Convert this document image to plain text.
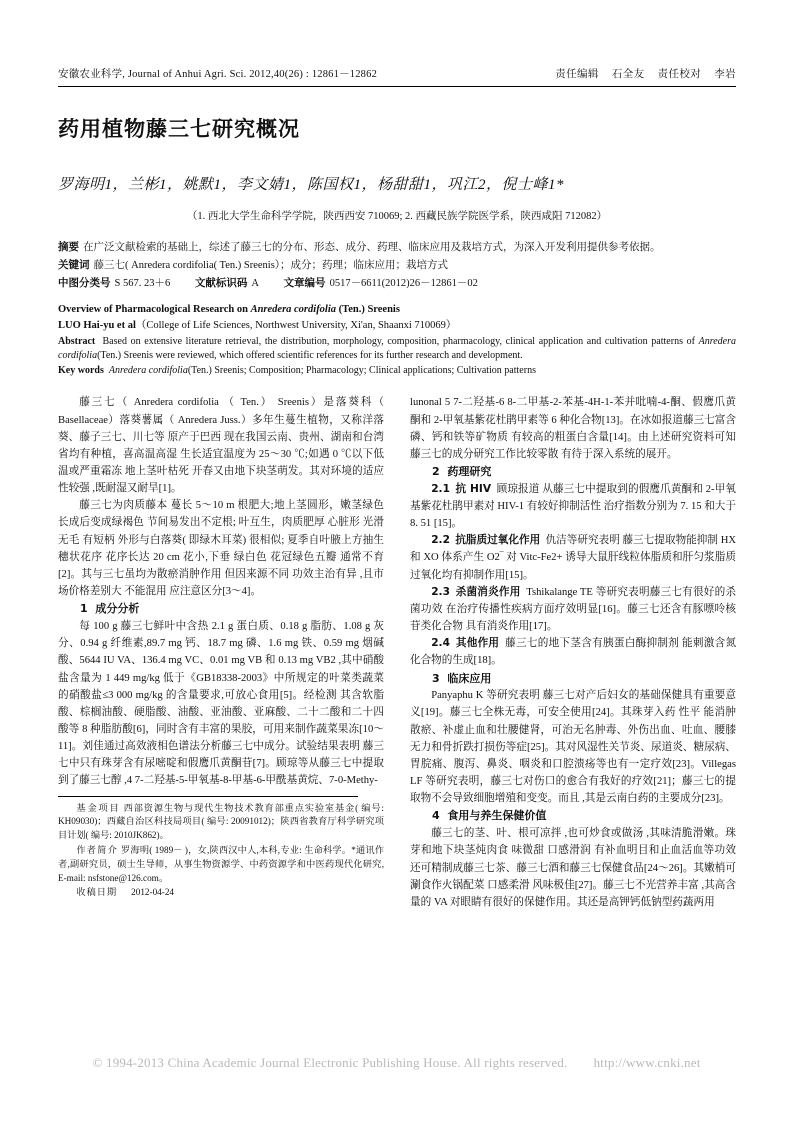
安徽农业科学, Journal of Anhui Agri. Sci. 2012,40(26) : 12861－12862	责任编辑 石全友 责任校对 李岩
药用植物藤三七研究概况
罗海明1，兰彬1，姚默1，李文婧1，陈国权1，杨甜甜1，巩江2，倪士峰1*
（1. 西北大学生命科学学院，陕西西安 710069; 2. 西藏民族学院医学系，陕西咸阳 712082）

摘要 在广泛文献检索的基础上，综述了藤三七的分布、形态、成分、药理、临床应用及栽培方式，为深入开发利用提供参考依据。

关键词 藤三七( Anredera cordifolia( Ten.) Sreenis）；成分；药理；临床应用；栽培方式

中图分类号 S 567. 23＋6 文献标识码 A 文章编号 0517－6611(2012)26－12861－02

Overview of Pharmacological Research on Anredera cordifolia (Ten.) Sreenis

LUO Hai-yu et al（College of Life Sciences, Northwest University, Xi'an, Shaanxi 710069）

Abstract Based on extensive literature retrieval, the distribution, morphology, composition, pharmacology, clinical application and cultivation patterns of Anredera cordifolia(Ten.) Sreenis were reviewed, which offered scientific references for its further research and development.

Key words Anredera cordifolia(Ten.) Sreenis; Composition; Pharmacology; Clinical applications; Cultivation patterns

藤三七（ Anredera cordifolia （ Ten.） Sreenis）是落葵科（ Basellaceae）落葵薯属（ Anredera Juss.）多年生蔓生植物，又称洋落葵、藤子三七、川七等 原产于巴西 现在我国云南、贵州、湖南和台湾省均有种植，喜高温高湿 生长适宜温度为 25～30 ℃;如遇 0 ℃以下低温或严重霜冻 地上茎叶枯死 开春又由地下块茎萌发。其对环境的适应性较强 ,既耐湿又耐旱[1]。

藤三七为肉质藤本 蔓长 5～10 m 根肥大;地上茎圆形，嫩茎绿色 长成后变成绿褐色 节间易发出不定根; 叶互生，肉质肥厚 心脏形 光滑无毛 有短柄 外形与白落葵( 即绿木耳菜) 很相似; 夏季自叶腋上方抽生穗状花序 花序长达 20 cm 花小,下垂 绿白色 花冠绿色五瓣 通常不育[2]。其与三七虽均为散瘀消肿作用 但因来源不同 功效主治有异 ,且市场价格差别大 不能混用 应注意区分[3～4]。

1 成分分析

每 100 g 藤三七鲜叶中含热 2.1 g 蛋白质、0.18 g 脂肪、1.08 g 灰分、0.94 g 纤维素,89.7 mg 钙、18.7 mg 磷、1.6 mg 铁、0.59 mg 烟碱酸、5644 IU VA、136.4 mg VC、0.01 mg VB 和 0.13 mg VB2 ,其中硝酸盐含量为 1 449 mg/kg 低于《GB18338-2003》中所规定的叶菜类蔬菜的硝酸盐≤3 000 mg/kg 的含量要求,可放心食用[5]。经检测 其含软脂酸、棕榈油酸、硬脂酸、油酸、亚油酸、亚麻酸、二十二酸和二十四酸等 8 种脂肪酸[6]，同时含有丰富的果胶，可用来制作蔬菜果冻[10～11]。刘佳通过高效液相色谱法分析藤三七中成分。试验结果表明 藤三七中只有珠芽含有尿嘧啶和假鹰爪黄酮苷[7]。顾琼等从藤三七中提取到了藤三七醇 ,4 7-二羟基-5-甲氧基-8-甲基-6-甲酰基黄烷、7-0-Methy-

基金项目 西部资源生物与现代生物技术教育部重点实验室基金( 编号: KH09030)；西藏自治区科技局项目( 编号: 20091012)；陕西省教育厅科学研究项目计划( 编号: 2010JK862)。

作者简介 罗海明( 1989－ )，女,陕西汉中人,本科,专业: 生命科学。*通讯作者,副研究员，硕士生导师，从事生物资源学、中药资源学和中医药现代化研究, E-mail: nsfstone@126.com。

收稿日期 2012-04-24

lunonal 5 7-二羟基-6 8-二甲基-2-苯基-4H-1-苯并吡喃-4-酮、假鹰爪黄酮和 2-甲氧基紫花杜鹃甲素等 6 种化合物[13]。在冰如报道藤三七富含磷、钙和铁等矿物质 有较高的粗蛋白含量[14]。由上述研究资料可知 藤三七的成分研究工作比较零散 有待于深入系统的展开。

2 药理研究

2.1 抗 HIV 顾琼报道 从藤三七中提取到的假鹰爪黄酮和 2-甲氧基紫花杜鹃甲素对 HIV-1 有较好抑制活性 治疗指数分别为 7. 15 和大于 8. 51 [15]。

2.2 抗脂质过氧化作用 仇洁等研究表明 藤三七提取物能抑制 HX 和 XO 体系产生 O2‾ 对 Vitc-Fe2+ 诱导大鼠肝线粒体脂质和肝匀浆脂质过氧化均有抑制作用[15]。

2.3 杀菌消炎作用 Tshikalange TE 等研究表明藤三七有很好的杀菌功效 在治疗传播性疾病方面疗效明显[16]。藤三七还含有豚嘌呤核苷类化合物 具有消炎作用[17]。

2.4 其他作用 藤三七的地下茎含有胰蛋白酶抑制剂 能刺激含氮化合物的生成[18]。

3 临床应用

Panyaphu K 等研究表明 藤三七对产后妇女的基础保健具有重要意义[19]。藤三七全株无毒，可安全使用[24]。其珠芽入药 性平 能消肿散瘀、补虚止血和壮腰健肾，可治无名肿毒、外伤出血、吐血、腰膝无力和骨折跌打损伤等症[25]。其对风湿性关节炎、尿道炎、糖尿病、胃脘痛、腹泻、鼻炎、咽炎和口腔溃疡等也有一定疗效[23]。Villegas LF 等研究表明，藤三七对伤口的愈合有我好的疗效[21]；藤三七的提取物不会导致细胞增殖和变变。而且 ,其是云南白药的主要成分[23]。

4 食用与养生保健价值

藤三七的茎、叶、根可凉拌 ,也可炒食或做汤 ,其味清脆滑嫩。珠芽和地下块茎炖肉食 味微甜 口感滑润 有补血明目和止血活血等功效 还可精制成藤三七茶、藤三七酒和藤三七保健食品[24～26]。其嫩梢可涮食作火锅配菜 口感柔滑 风味极佳[27]。藤三七不光营养丰富 ,其高含量的 VA 对眼睛有很好的保健作用。其还是高钾钙低钠型药蔬两用

© 1994-2013 China Academic Journal Electronic Publishing House. All rights reserved. http://www.cnki.net
